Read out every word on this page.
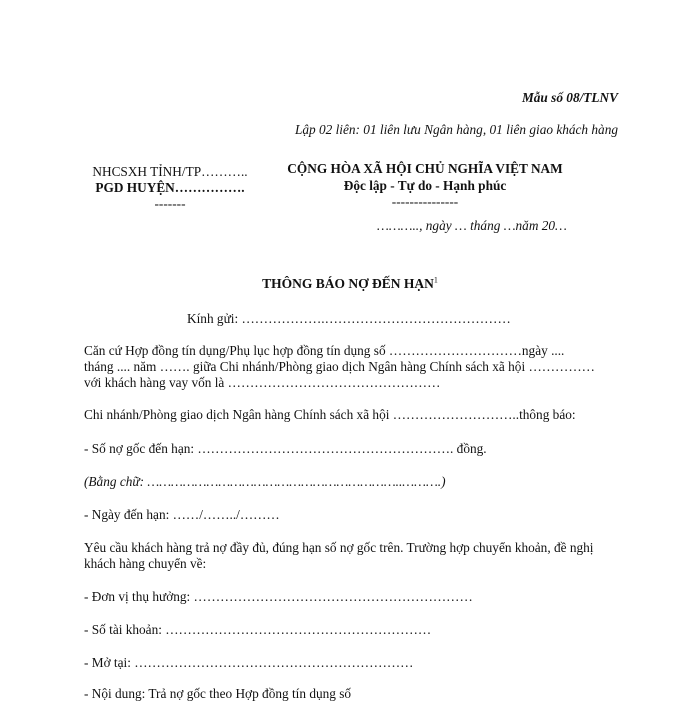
Mẫu số 08/TLNV
Lập 02 liên: 01 liên lưu Ngân hàng, 01 liên giao khách hàng
NHCSXH TỈNH/TP………..
PGD HUYỆN…………….
-------
CỘNG HÒA XÃ HỘI CHỦ NGHĨA VIỆT NAM
Độc lập - Tự do - Hạnh phúc
---------------
……….., ngày … tháng …năm 20…
THÔNG BÁO NỢ ĐẾN HẠN$^1$
Kính gửi: ……………….……………………………………
Căn cứ Hợp đồng tín dụng/Phụ lục hợp đồng tín dụng số …………………………ngày ....
tháng .... năm ……. giữa Chi nhánh/Phòng giao dịch Ngân hàng Chính sách xã hội ……………
với khách hàng vay vốn là …………………………………………
Chi nhánh/Phòng giao dịch Ngân hàng Chính sách xã hội ………………………..thông báo:
- Số nợ gốc đến hạn: …………………………………………………. đồng.
(Bằng chữ: ………………………………………………………..……….)
- Ngày đến hạn: ……/……../………
Yêu cầu khách hàng trả nợ đầy đủ, đúng hạn số nợ gốc trên. Trường hợp chuyển khoản, đề nghị
khách hàng chuyển về:
- Đơn vị thụ hưởng: ………………………………………………………
- Số tài khoản: ……………………………………………………
- Mở tại: ………………………………………………………
- Nội dung: Trả nợ gốc theo Hợp đồng tín dụng số
